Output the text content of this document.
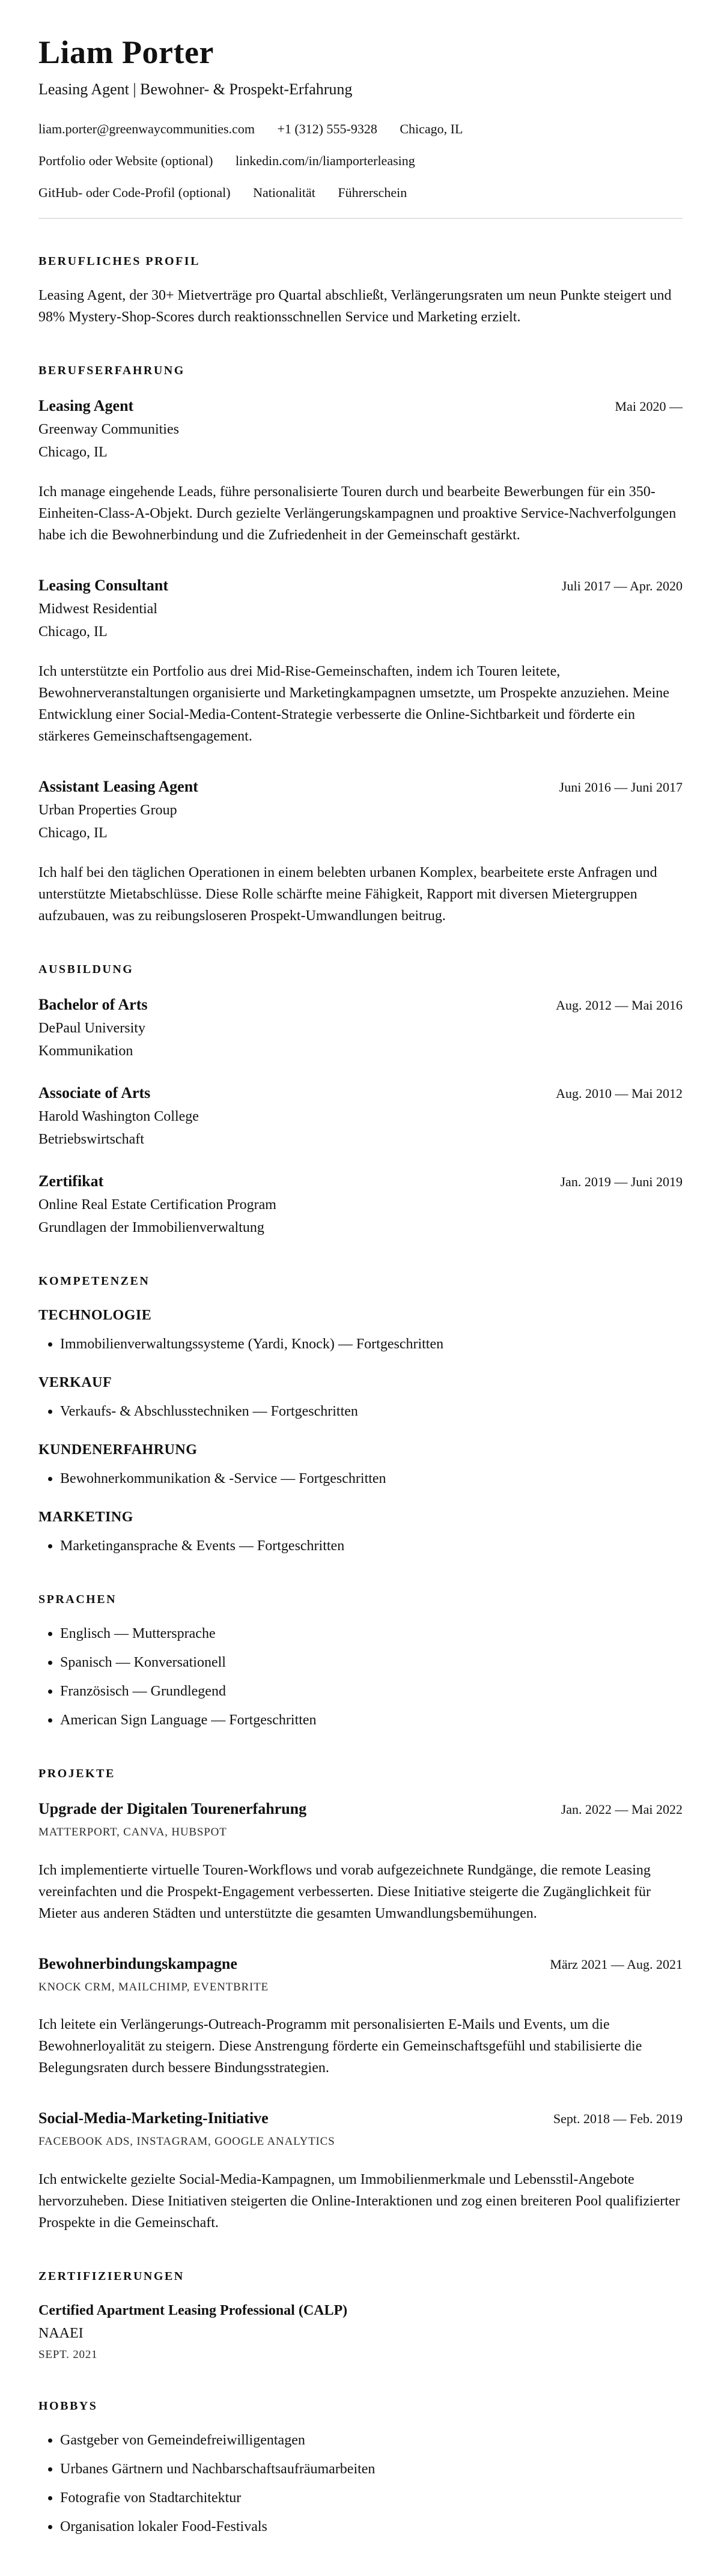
Liam Porter

Leasing Agent | Bewohner- & Prospekt-Erfahrung

liam.porter@greenwaycommunities.com +1 (312) 555-9328 Chicago, IL

Portfolio oder Website (optional) linkedin.com/in/liamporterleasing

GitHub- oder Code-Profil (optional) Nationalität Führerschein

BERUFLICHES PROFIL

Leasing Agent, der 30+ Mietverträge pro Quartal abschließt, Verlängerungsraten um neun Punkte steigert und 98% Mystery-Shop-Scores durch reaktionsschnellen Service und Marketing erzielt.

BERUFSERFAHRUNG
Leasing Agent	Mai 2020 —

Greenway Communities

Chicago, IL

Ich manage eingehende Leads, führe personalisierte Touren durch und bearbeite Bewerbungen für ein 350-Einheiten-Class-A-Objekt. Durch gezielte Verlängerungskampagnen und proaktive Service-Nachverfolgungen habe ich die Bewohnerbindung und die Zufriedenheit in der Gemeinschaft gestärkt.

Leasing Consultant	Juli 2017 — Apr. 2020

Midwest Residential

Chicago, IL

Ich unterstützte ein Portfolio aus drei Mid-Rise-Gemeinschaften, indem ich Touren leitete, Bewohnerveranstaltungen organisierte und Marketingkampagnen umsetzte, um Prospekte anzuziehen. Meine Entwicklung einer Social-Media-Content-Strategie verbesserte die Online-Sichtbarkeit und förderte ein stärkeres Gemeinschaftsengagement.

Assistant Leasing Agent	Juni 2016 — Juni 2017

Urban Properties Group

Chicago, IL

Ich half bei den täglichen Operationen in einem belebten urbanen Komplex, bearbeitete erste Anfragen und unterstützte Mietabschlüsse. Diese Rolle schärfte meine Fähigkeit, Rapport mit diversen Mietergruppen aufzubauen, was zu reibungsloseren Prospekt-Umwandlungen beitrug.

AUSBILDUNG
Bachelor of Arts	Aug. 2012 — Mai 2016

DePaul University

Kommunikation

Associate of Arts	Aug. 2010 — Mai 2012

Harold Washington College

Betriebswirtschaft

Zertifikat	Jan. 2019 — Juni 2019

Online Real Estate Certification Program

Grundlagen der Immobilienverwaltung

KOMPETENZEN
TECHNOLOGIE
• Immobilienverwaltungssysteme (Yardi, Knock) — Fortgeschritten
VERKAUF
• Verkaufs- & Abschlusstechniken — Fortgeschritten
KUNDENERFAHRUNG
• Bewohnerkommunikation & -Service — Fortgeschritten
MARKETING
• Marketingansprache & Events — Fortgeschritten
SPRACHEN
• Englisch — Muttersprache
• Spanisch — Konversationell
• Französisch — Grundlegend
• American Sign Language — Fortgeschritten
PROJEKTE
Upgrade der Digitalen Tourenerfahrung	Jan. 2022 — Mai 2022

MATTERPORT, CANVA, HUBSPOT

Ich implementierte virtuelle Touren-Workflows und vorab aufgezeichnete Rundgänge, die remote Leasing vereinfachten und die Prospekt-Engagement verbesserten. Diese Initiative steigerte die Zugänglichkeit für Mieter aus anderen Städten und unterstützte die gesamten Umwandlungsbemühungen.

Bewohnerbindungskampagne	März 2021 — Aug. 2021

KNOCK CRM, MAILCHIMP, EVENTBRITE

Ich leitete ein Verlängerungs-Outreach-Programm mit personalisierten E-Mails und Events, um die Bewohnerloyalität zu steigern. Diese Anstrengung förderte ein Gemeinschaftsgefühl und stabilisierte die Belegungsraten durch bessere Bindungsstrategien.

Social-Media-Marketing-Initiative	Sept. 2018 — Feb. 2019

FACEBOOK ADS, INSTAGRAM, GOOGLE ANALYTICS

Ich entwickelte gezielte Social-Media-Kampagnen, um Immobilienmerkmale und Lebensstil-Angebote hervorzuheben. Diese Initiativen steigerten die Online-Interaktionen und zog einen breiteren Pool qualifizierter Prospekte in die Gemeinschaft.

ZERTIFIZIERUNGEN

Certified Apartment Leasing Professional (CALP)

NAAEI

SEPT. 2021

HOBBYS
• Gastgeber von Gemeindefreiwilligentagen
• Urbanes Gärtnern und Nachbarschaftsaufräumarbeiten
• Fotografie von Stadtarchitektur
• Organisation lokaler Food-Festivals
